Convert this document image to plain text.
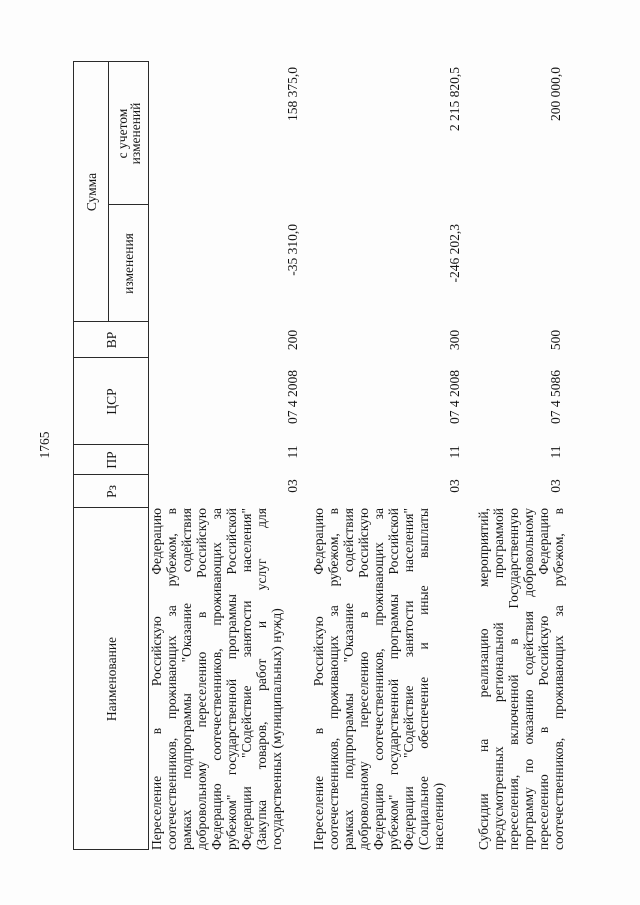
1765
Наименование
Рз
ПР
ЦСР
ВР
Сумма
изменения
с учетом изменений
Переселение в Российскую Федерацию соотечественников, проживающих за рубежом, в рамках подпрограммы "Оказание содействия добровольному переселению в Российскую Федерацию соотечественников, проживающих за рубежом" государственной программы Российской Федерации "Содействие занятости населения" (Закупка товаров, работ и услуг для государственных (муниципальных) нужд)
03
11
07 4 2008
200
-35 310,0
158 375,0
Переселение в Российскую Федерацию соотечественников, проживающих за рубежом, в рамках подпрограммы "Оказание содействия добровольному переселению в Российскую Федерацию соотечественников, проживающих за рубежом" государственной программы Российской Федерации "Содействие занятости населения" (Социальное обеспечение и иные выплаты населению)
03
11
07 4 2008
300
-246 202,3
2 215 820,5
Субсидии на реализацию мероприятий, предусмотренных региональной программой переселения, включенной в Государственную программу по оказанию содействия добровольному переселению в Российскую Федерацию соотечественников, проживающих за рубежом, в
03
11
07 4 5086
500
200 000,0
